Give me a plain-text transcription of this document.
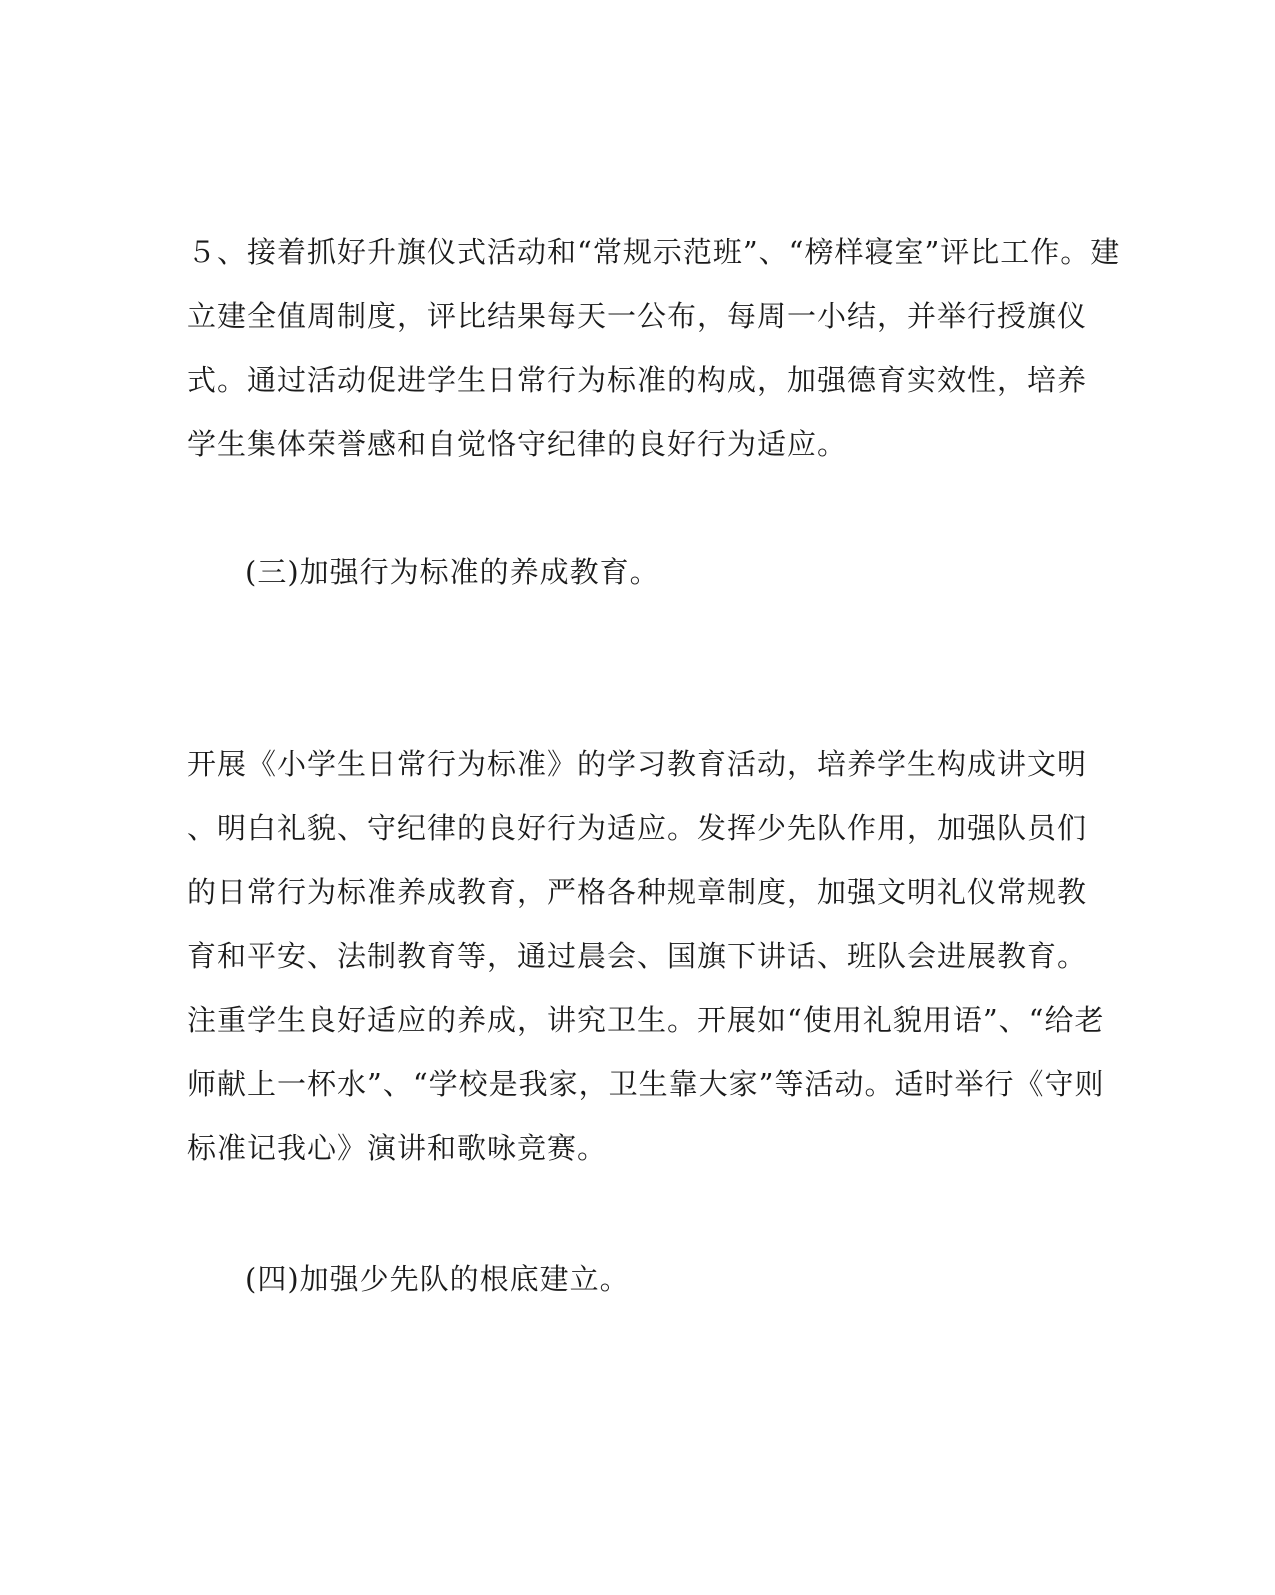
５、接着抓好升旗仪式活动和“常规示范班”、“榜样寝室”评比工作。建
立建全值周制度，评比结果每天一公布，每周一小结，并举行授旗仪
式。通过活动促进学生日常行为标准的构成，加强德育实效性，培养
学生集体荣誉感和自觉恪守纪律的良好行为适应。
(三)加强行为标准的养成教育。
开展《小学生日常行为标准》的学习教育活动，培养学生构成讲文明
、明白礼貌、守纪律的良好行为适应。发挥少先队作用，加强队员们
的日常行为标准养成教育，严格各种规章制度，加强文明礼仪常规教
育和平安、法制教育等，通过晨会、国旗下讲话、班队会进展教育。
注重学生良好适应的养成，讲究卫生。开展如“使用礼貌用语”、“给老
师献上一杯水”、“学校是我家，卫生靠大家”等活动。适时举行《守则
标准记我心》演讲和歌咏竞赛。
(四)加强少先队的根底建立。
